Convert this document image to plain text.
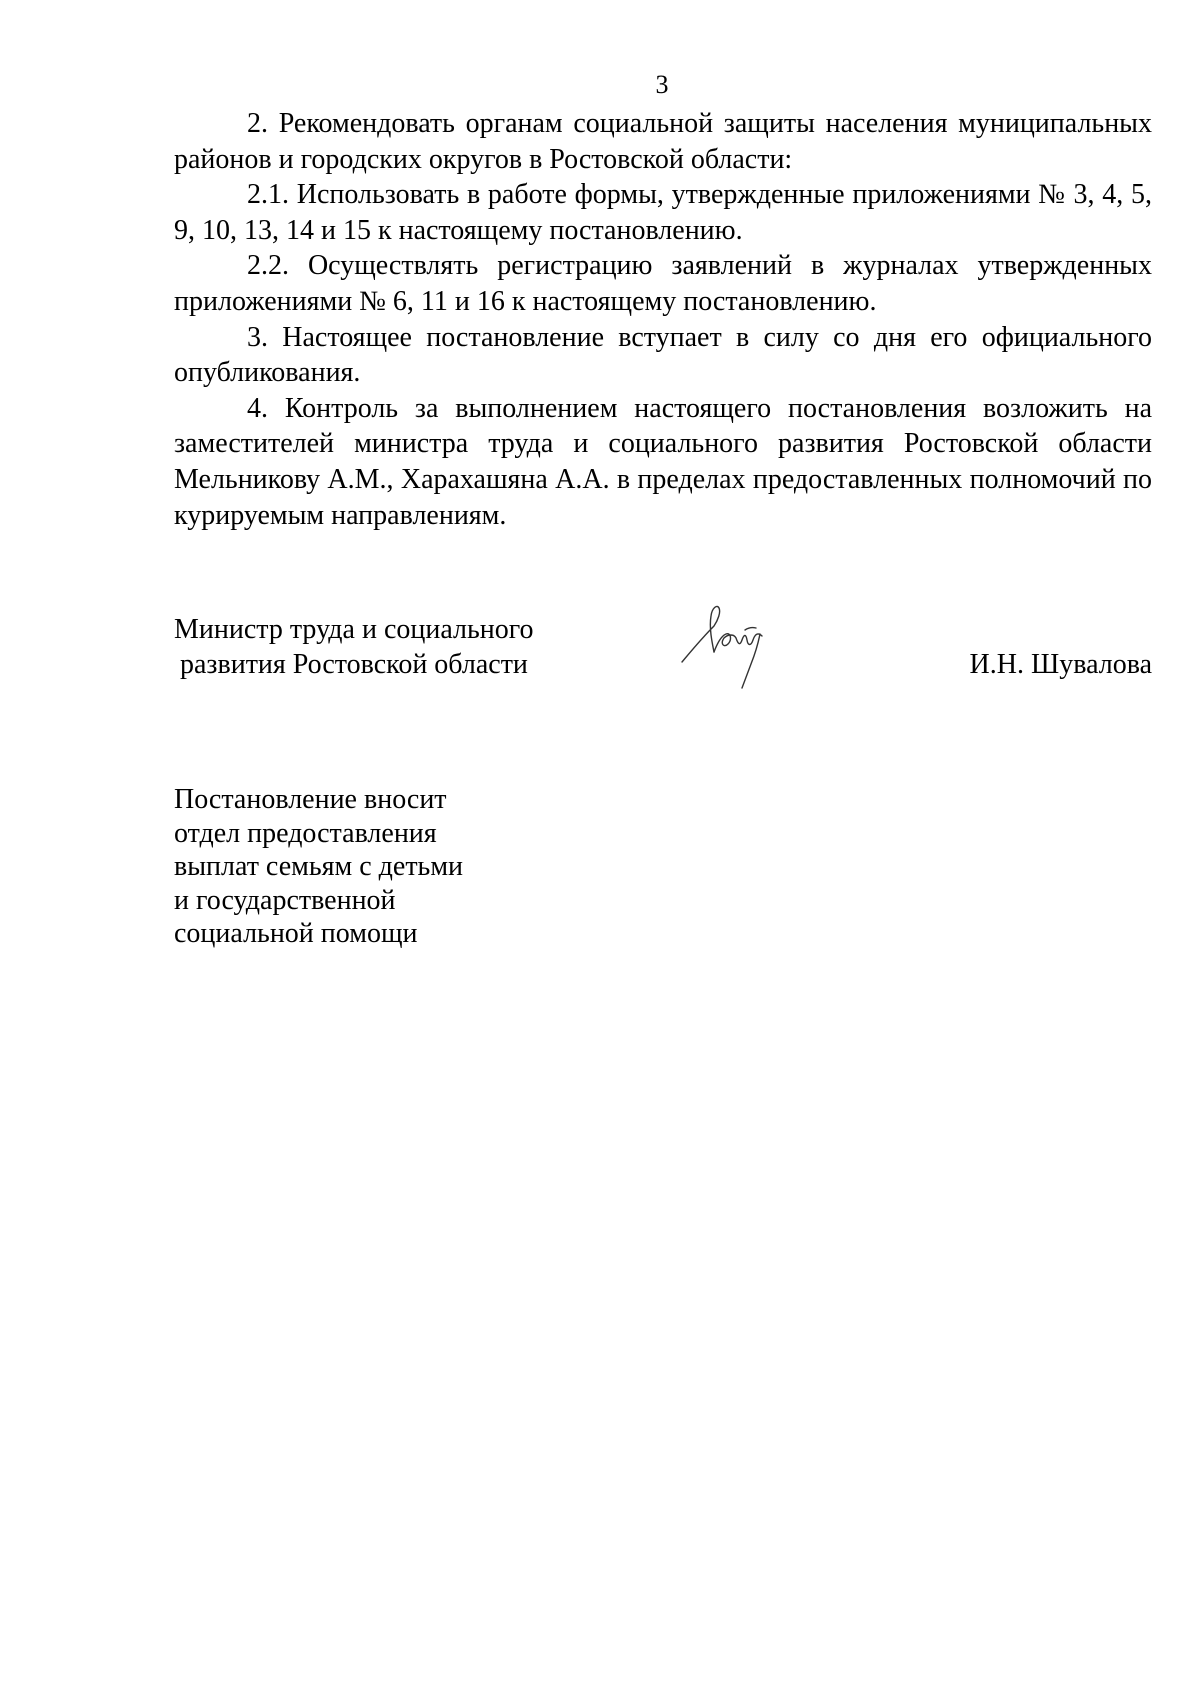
3

2. Рекомендовать органам социальной защиты населения муниципальных районов и городских округов в Ростовской области:

2.1. Использовать в работе формы, утвержденные приложениями № 3, 4, 5, 9, 10, 13, 14 и 15 к настоящему постановлению.

2.2. Осуществлять регистрацию заявлений в журналах утвержденных приложениями № 6, 11 и 16 к настоящему постановлению.

3. Настоящее постановление вступает в силу со дня его официального опубликования.

4. Контроль за выполнением настоящего постановления возложить на заместителей министра труда и социального развития Ростовской области Мельникову А.М., Харахашяна А.А. в пределах предоставленных полномочий по курируемым направлениям.

Министр труда и социального
развития Ростовской области	И.Н. Шувалова
Постановление вносит
отдел предоставления
выплат семьям с детьми
и государственной
социальной помощи
